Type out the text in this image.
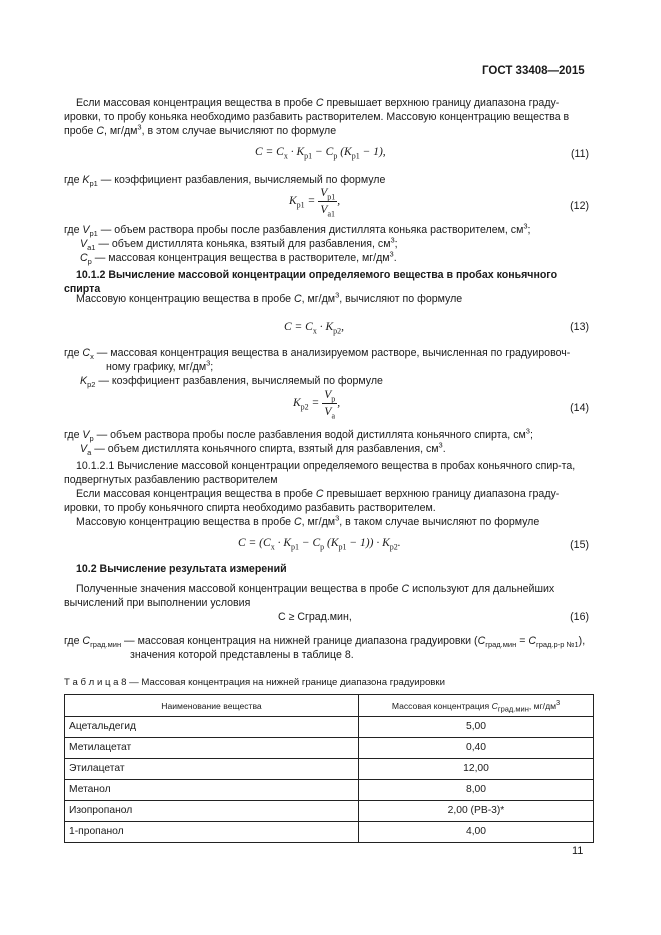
ГОСТ 33408—2015
Если массовая концентрация вещества в пробе С превышает верхнюю границу диапазона граду-ировки, то пробу коньяка необходимо разбавить растворителем. Массовую концентрацию вещества в пробе С, $мг/дм^3$, в этом случае вычисляют по формуле
$C = C_x \cdot K_{p1} - C_p$ $(K_{p1} - 1)$,	(11)
где $K_{p1}$ — коэффициент разбавления, вычисляемый по формуле
$K_{p1} = \frac{V_{p1}}{V_{a1}}$ ,	(12)
где $V_{p1}$ — объем раствора пробы после разбавления дистиллята коньяка растворителем, $см^3$;
$V_{a1}$ — объем дистиллята коньяка, взятый для разбавления, $см^3$;
$C_p$ — массовая концентрация вещества в растворителе, $мг/дм^3$.
10.1.2 Вычисление массовой концентрации определяемого вещества в пробах коньячного спирта
Массовую концентрацию вещества в пробе С, $мг/дм^3$, вычисляют по формуле
$C = C_x \cdot K_{p2}$,	(13)
где $C_x$ — массовая концентрация вещества в анализируемом растворе, вычисленная по градуировоч-
ному графику, $мг/дм^3$;
$K_{p2}$ — коэффициент разбавления, вычисляемый по формуле
$K_{p2} = \frac{V_p}{V_a}$ ,	(14)
где $V_p$ — объем раствора пробы после разбавления водой дистиллята коньячного спирта, $см^3$;
$V_a$ — объем дистиллята коньячного спирта, взятый для разбавления, $см^3$.
10.1.2.1 Вычисление массовой концентрации определяемого вещества в пробах коньячного спир-та, подвергнутых разбавлению растворителем
Если массовая концентрация вещества в пробе С превышает верхнюю границу диапазона граду-ировки, то пробу коньячного спирта необходимо разбавить растворителем.
Массовую концентрацию вещества в пробе С, $мг/дм^3$, в таком случае вычисляют по формуле
$C = (C_x \cdot K_{p1} - C_p$ $(K_{p1} - 1)) \cdot K_{p2}$.	(15)
10.2 Вычисление результата измерений
Полученные значения массовой концентрации вещества в пробе С используют для дальнейших вычислений при выполнении условия
С ≥ Сград.мин,	(16)
где $C_{град.мин}$ — массовая концентрация на нижней границе диапазона градуировки $(C_{град.мин} = C_{град.р-р №1})$,
значения которой представлены в таблице 8.
Т а б л и ц а 8 — Массовая концентрация на нижней границе диапазона градуировки
Наименование вещества	Массовая концентрация $C_{град.мин}$, $мг/дм^3$
Ацетальдегид	5,00
Метилацетат	0,40
Этилацетат	12,00
Метанол	8,00
Изопропанол	2,00 (РВ-3)*
1-пропанол	4,00
11
